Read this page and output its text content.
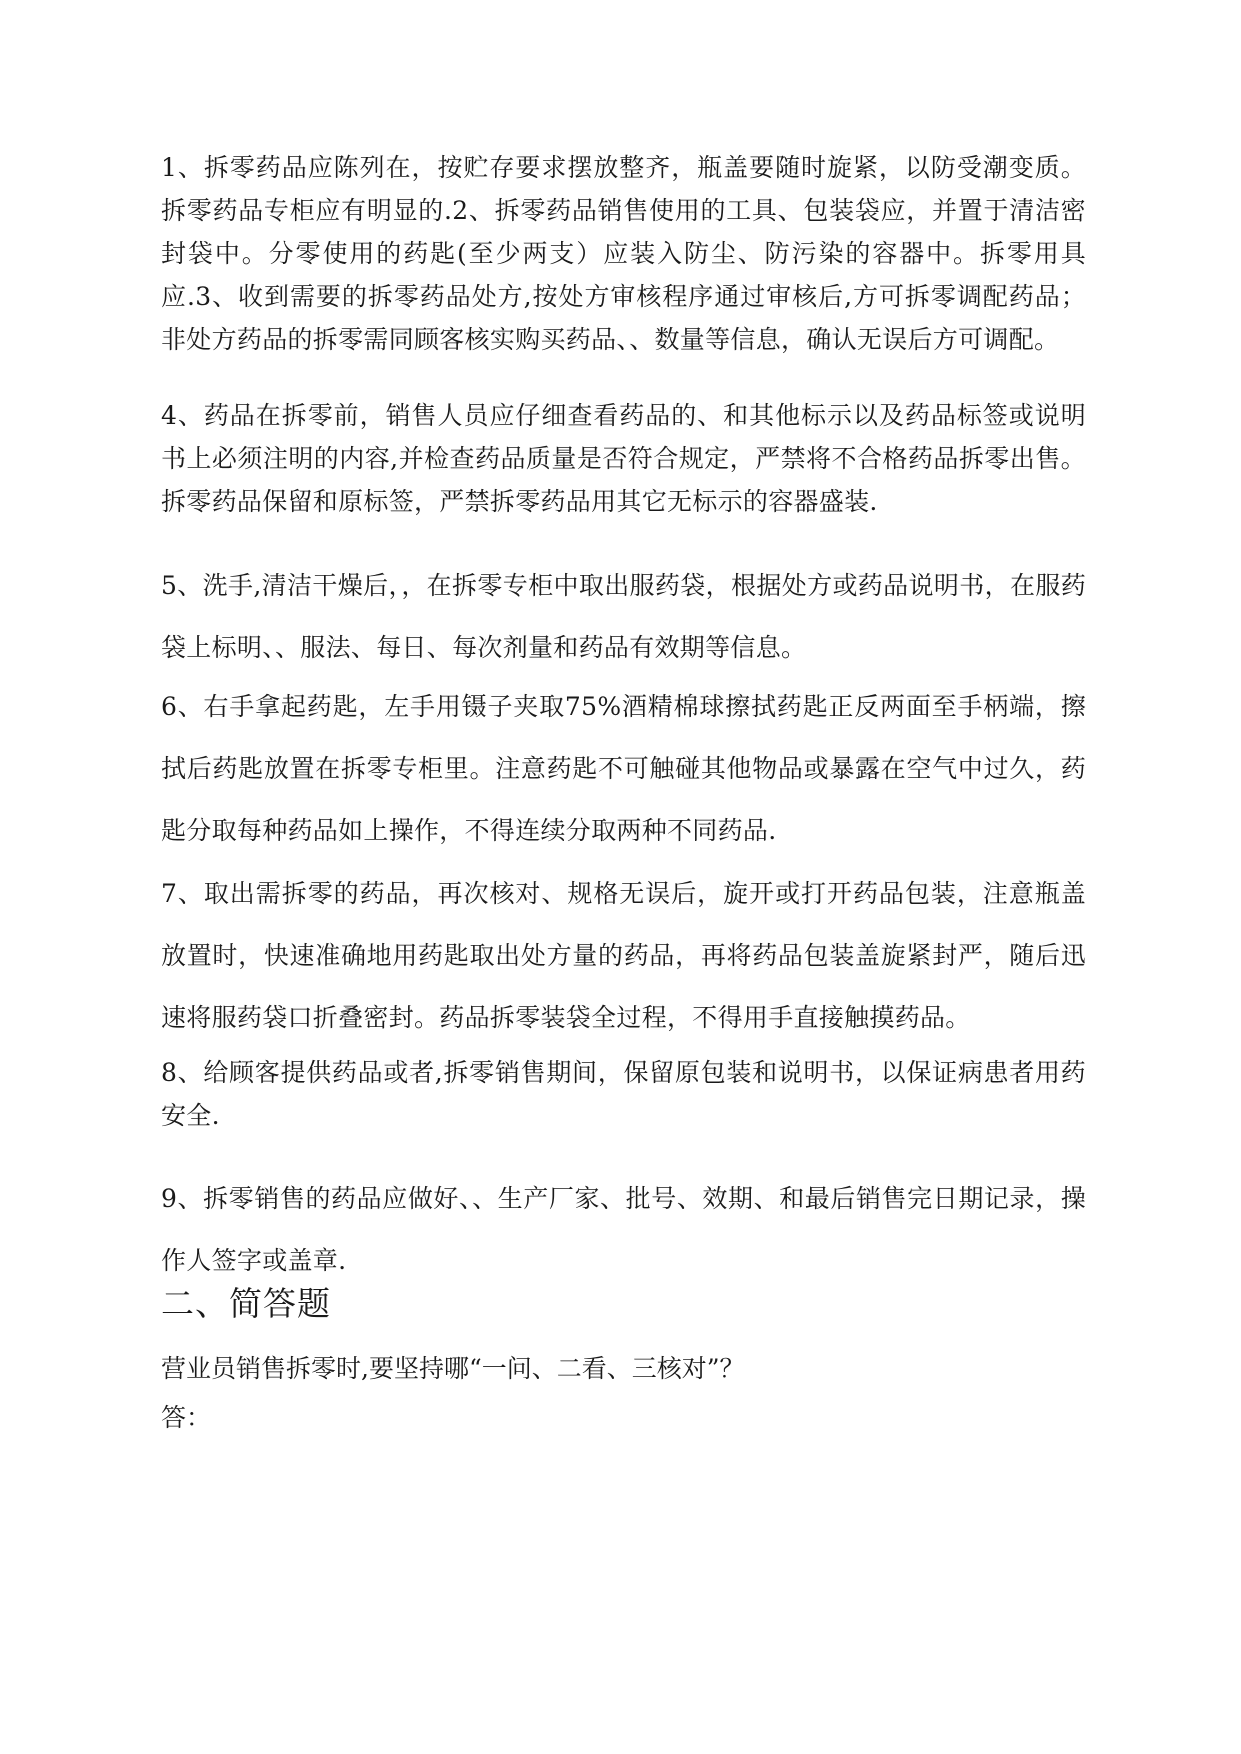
1、拆零药品应陈列在，按贮存要求摆放整齐，瓶盖要随时旋紧，以防受潮变质。拆零药品专柜应有明显的.2、拆零药品销售使用的工具、包装袋应，并置于清洁密封袋中。分零使用的药匙(至少两支）应装入防尘、防污染的容器中。拆零用具应.3、收到需要的拆零药品处方,按处方审核程序通过审核后,方可拆零调配药品；非处方药品的拆零需同顾客核实购买药品、、数量等信息，确认无误后方可调配。

4、药品在拆零前，销售人员应仔细查看药品的、和其他标示以及药品标签或说明书上必须注明的内容,并检查药品质量是否符合规定，严禁将不合格药品拆零出售。拆零药品保留和原标签，严禁拆零药品用其它无标示的容器盛装.

5、洗手,清洁干燥后，，在拆零专柜中取出服药袋，根据处方或药品说明书，在服药袋上标明、、服法、每日、每次剂量和药品有效期等信息。

6、右手拿起药匙，左手用镊子夹取75%酒精棉球擦拭药匙正反两面至手柄端，擦拭后药匙放置在拆零专柜里。注意药匙不可触碰其他物品或暴露在空气中过久，药匙分取每种药品如上操作，不得连续分取两种不同药品.

7、取出需拆零的药品，再次核对、规格无误后，旋开或打开药品包装，注意瓶盖放置时，快速准确地用药匙取出处方量的药品，再将药品包装盖旋紧封严，随后迅速将服药袋口折叠密封。药品拆零装袋全过程，不得用手直接触摸药品。

8、给顾客提供药品或者,拆零销售期间，保留原包装和说明书，以保证病患者用药安全.

9、拆零销售的药品应做好、、生产厂家、批号、效期、和最后销售完日期记录，操作人签字或盖章.

二、简答题

营业员销售拆零时,要坚持哪“一问、二看、三核对”？

答：
